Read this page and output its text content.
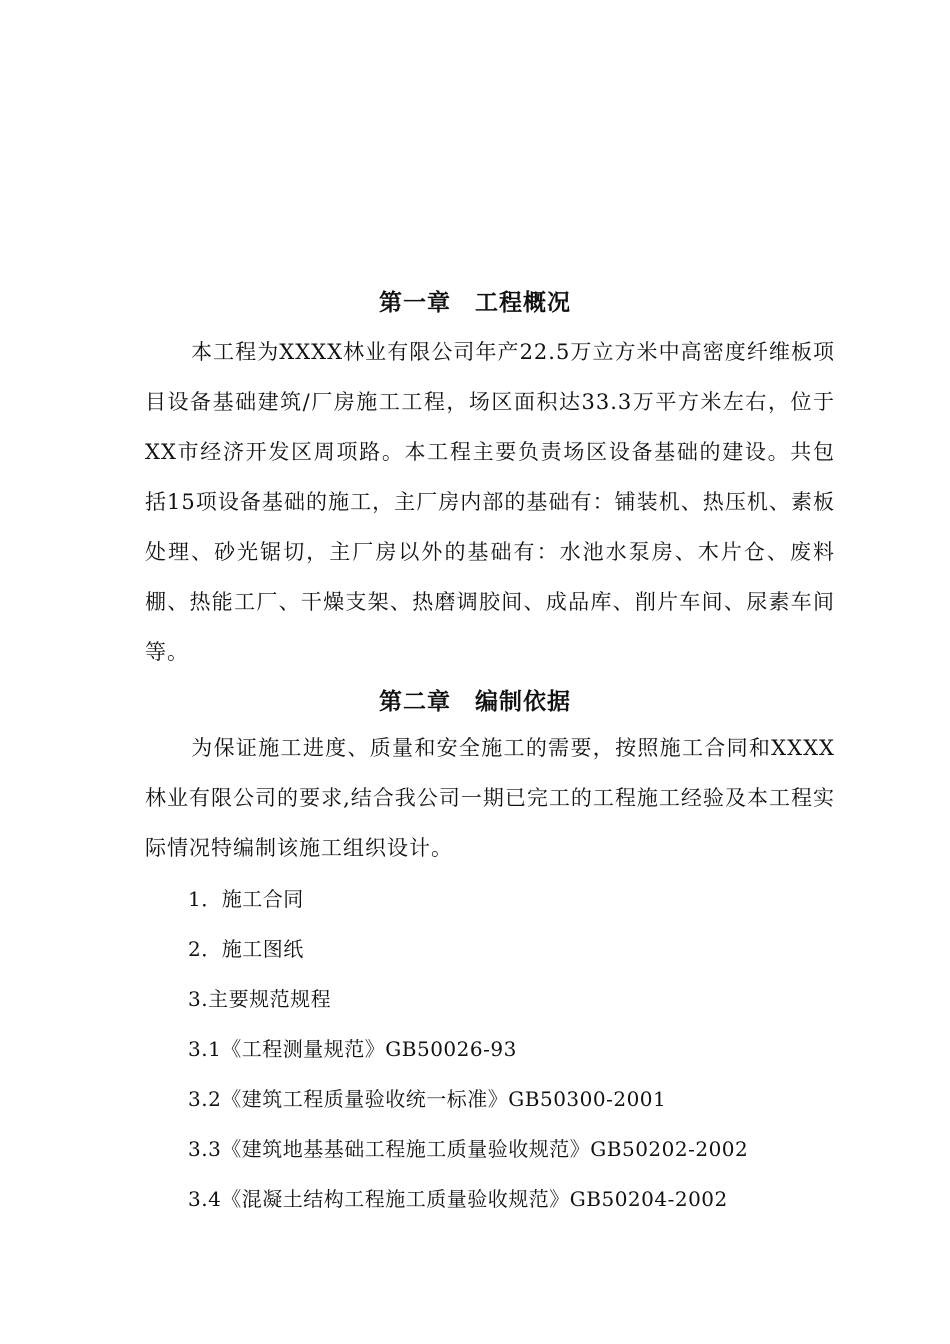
第一章　工程概况
本工程为XXXX林业有限公司年产22.5万立方米中高密度纤维板项目设备基础建筑/厂房施工工程，场区面积达33.3万平方米左右，位于XX市经济开发区周项路。本工程主要负责场区设备基础的建设。共包括15项设备基础的施工，主厂房内部的基础有：铺装机、热压机、素板处理、砂光锯切，主厂房以外的基础有：水池水泵房、木片仓、废料棚、热能工厂、干燥支架、热磨调胶间、成品库、削片车间、尿素车间等。
第二章　编制依据
为保证施工进度、质量和安全施工的需要，按照施工合同和XXXX林业有限公司的要求,结合我公司一期已完工的工程施工经验及本工程实际情况特编制该施工组织设计。
1．施工合同
2．施工图纸
3.主要规范规程
3.1《工程测量规范》GB50026-93
3.2《建筑工程质量验收统一标准》GB50300-2001
3.3《建筑地基基础工程施工质量验收规范》GB50202-2002
3.4《混凝土结构工程施工质量验收规范》GB50204-2002
